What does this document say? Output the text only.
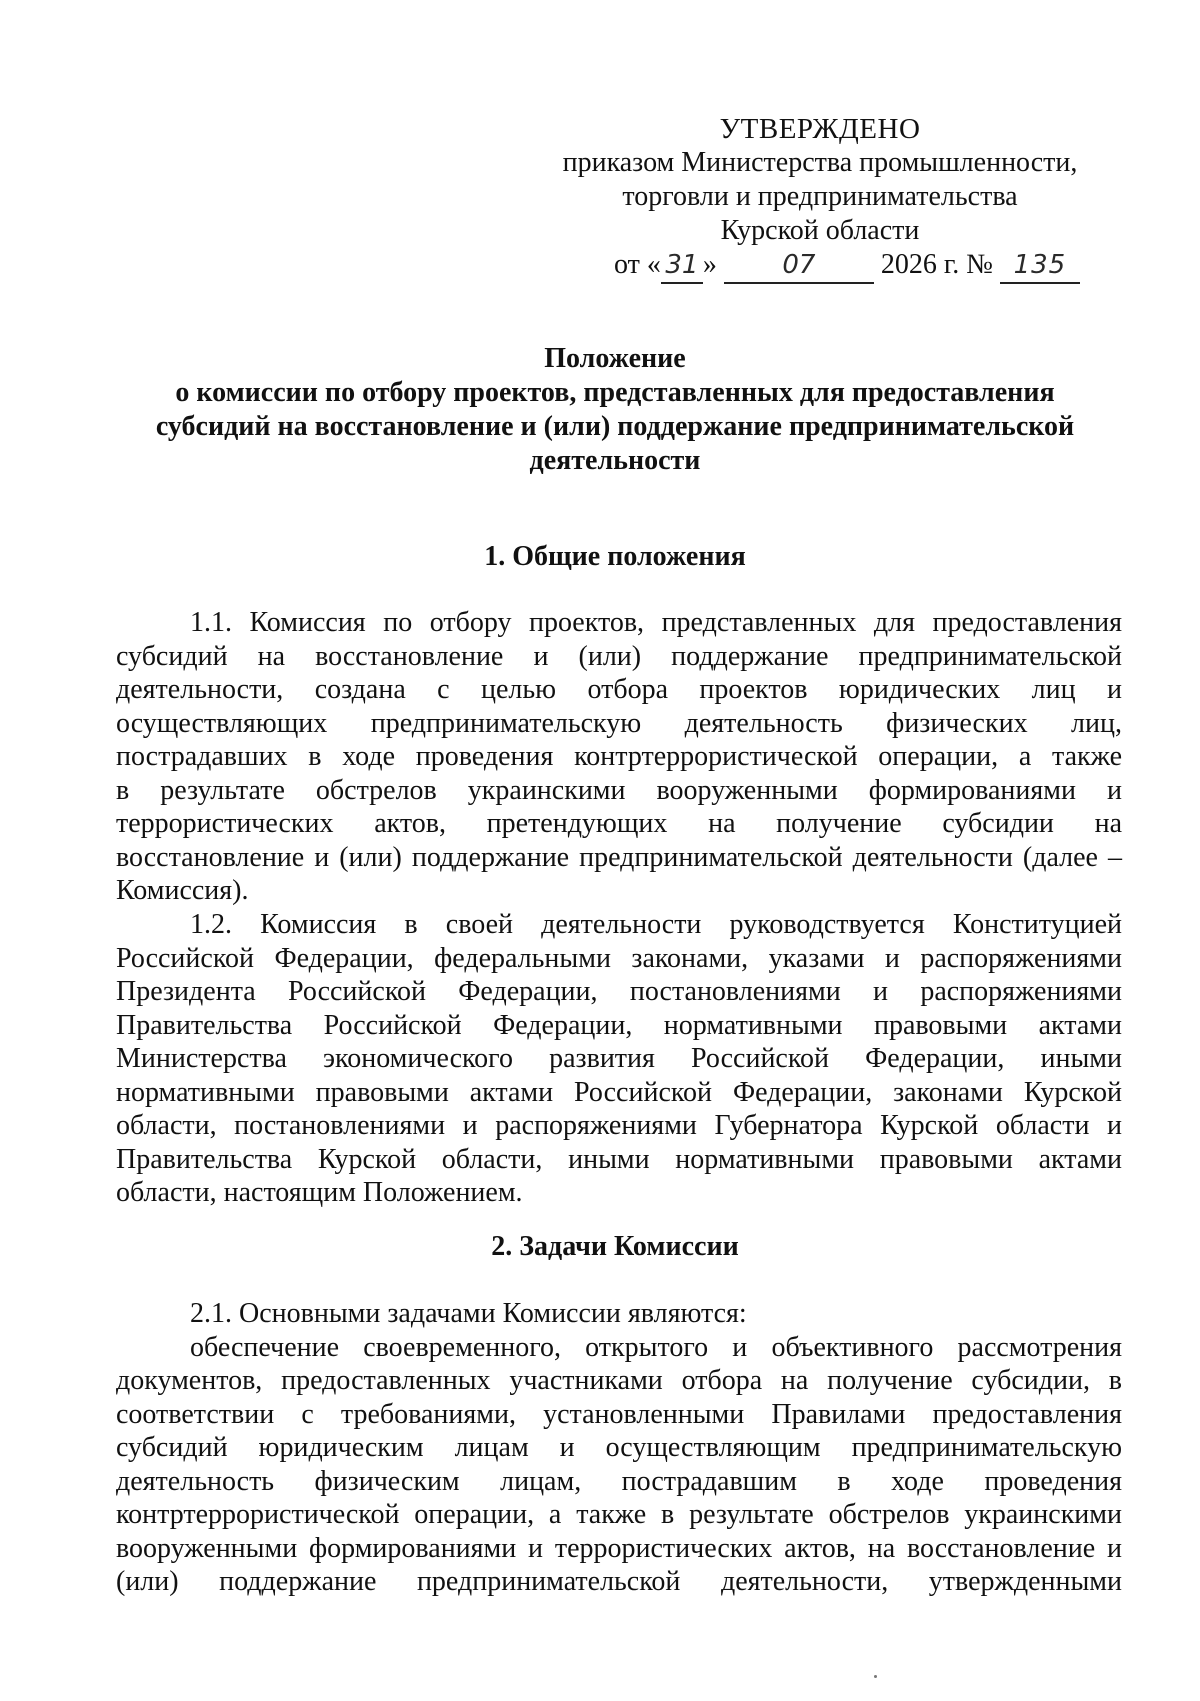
УТВЕРЖДЕНО
приказом Министерства промышленности,
торговли и предпринимательства
Курской области
от « 31 »	07 2026 г. № 135
Положение
о комиссии по отбору проектов, представленных для предоставления
субсидий на восстановление и (или) поддержание предпринимательской
деятельности
1. Общие положения
1.1. Комиссия по отбору проектов, представленных для предоставления
субсидий на восстановление и (или) поддержание предпринимательской
деятельности, создана с целью отбора проектов юридических лиц и
осуществляющих предпринимательскую деятельность физических лиц,
пострадавших в ходе проведения контртеррористической операции, а также
в результате обстрелов украинскими вооруженными формированиями и
террористических актов, претендующих на получение субсидии на
восстановление и (или) поддержание предпринимательской деятельности (далее –
Комиссия).
1.2. Комиссия в своей деятельности руководствуется Конституцией
Российской Федерации, федеральными законами, указами и распоряжениями
Президента Российской Федерации, постановлениями и распоряжениями
Правительства Российской Федерации, нормативными правовыми актами
Министерства экономического развития Российской Федерации, иными
нормативными правовыми актами Российской Федерации, законами Курской
области, постановлениями и распоряжениями Губернатора Курской области и
Правительства Курской области, иными нормативными правовыми актами
области, настоящим Положением.
2. Задачи Комиссии
2.1. Основными задачами Комиссии являются:
обеспечение своевременного, открытого и объективного рассмотрения
документов, предоставленных участниками отбора на получение субсидии, в
соответствии с требованиями, установленными Правилами предоставления
субсидий юридическим лицам и осуществляющим предпринимательскую
деятельность физическим лицам, пострадавшим в ходе проведения
контртеррористической операции, а также в результате обстрелов украинскими
вооруженными формированиями и террористических актов, на восстановление и
(или) поддержание предпринимательской деятельности, утвержденными
